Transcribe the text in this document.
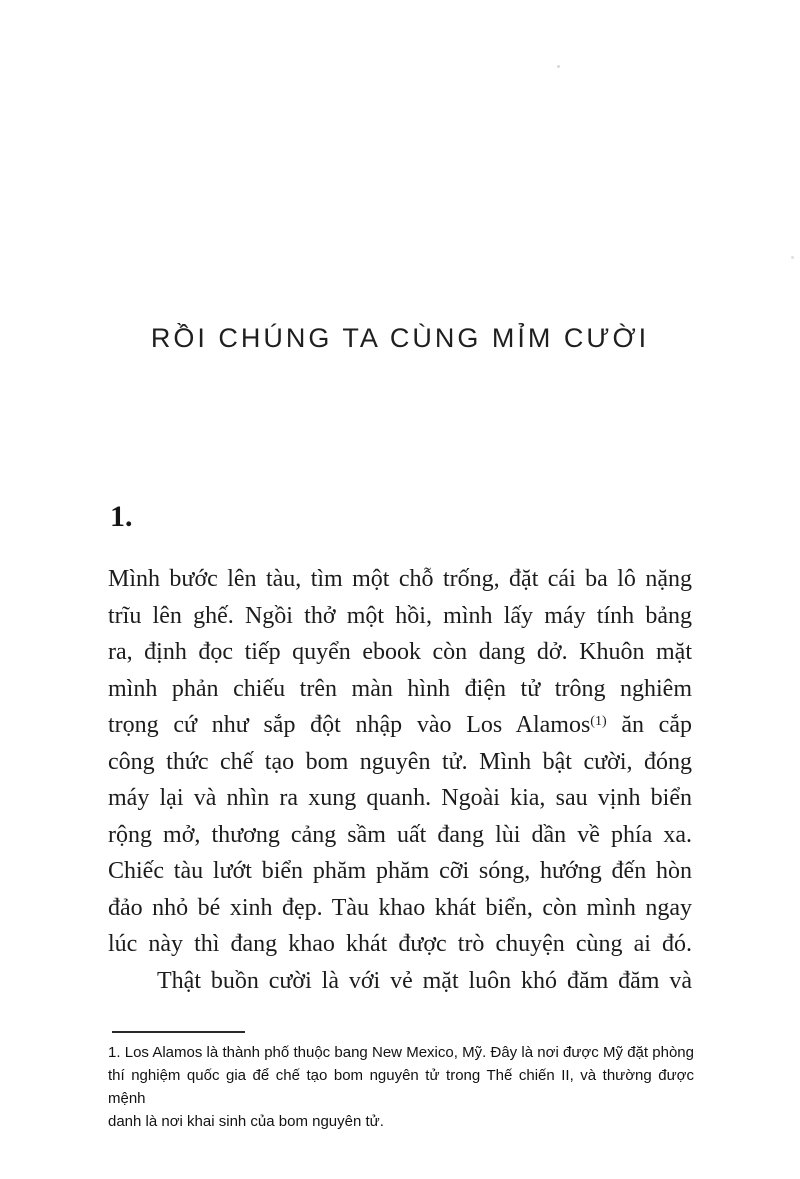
RỒI CHÚNG TA CÙNG MỈM CƯỜI
1.
Mình bước lên tàu, tìm một chỗ trống, đặt cái ba lô nặng
trĩu lên ghế. Ngồi thở một hồi, mình lấy máy tính bảng
ra, định đọc tiếp quyển ebook còn dang dở. Khuôn mặt
mình phản chiếu trên màn hình điện tử trông nghiêm
trọng cứ như sắp đột nhập vào Los Alamos$^{(1)}$ ăn cắp
công thức chế tạo bom nguyên tử. Mình bật cười, đóng
máy lại và nhìn ra xung quanh. Ngoài kia, sau vịnh biển
rộng mở, thương cảng sầm uất đang lùi dần về phía xa.
Chiếc tàu lướt biển phăm phăm cỡi sóng, hướng đến hòn
đảo nhỏ bé xinh đẹp. Tàu khao khát biển, còn mình ngay
lúc này thì đang khao khát được trò chuyện cùng ai đó.
Thật buồn cười là với vẻ mặt luôn khó đăm đăm và
1. Los Alamos là thành phố thuộc bang New Mexico, Mỹ. Đây là nơi được Mỹ đặt phòng
thí nghiệm quốc gia để chế tạo bom nguyên tử trong Thế chiến II, và thường được mệnh
danh là nơi khai sinh của bom nguyên tử.
